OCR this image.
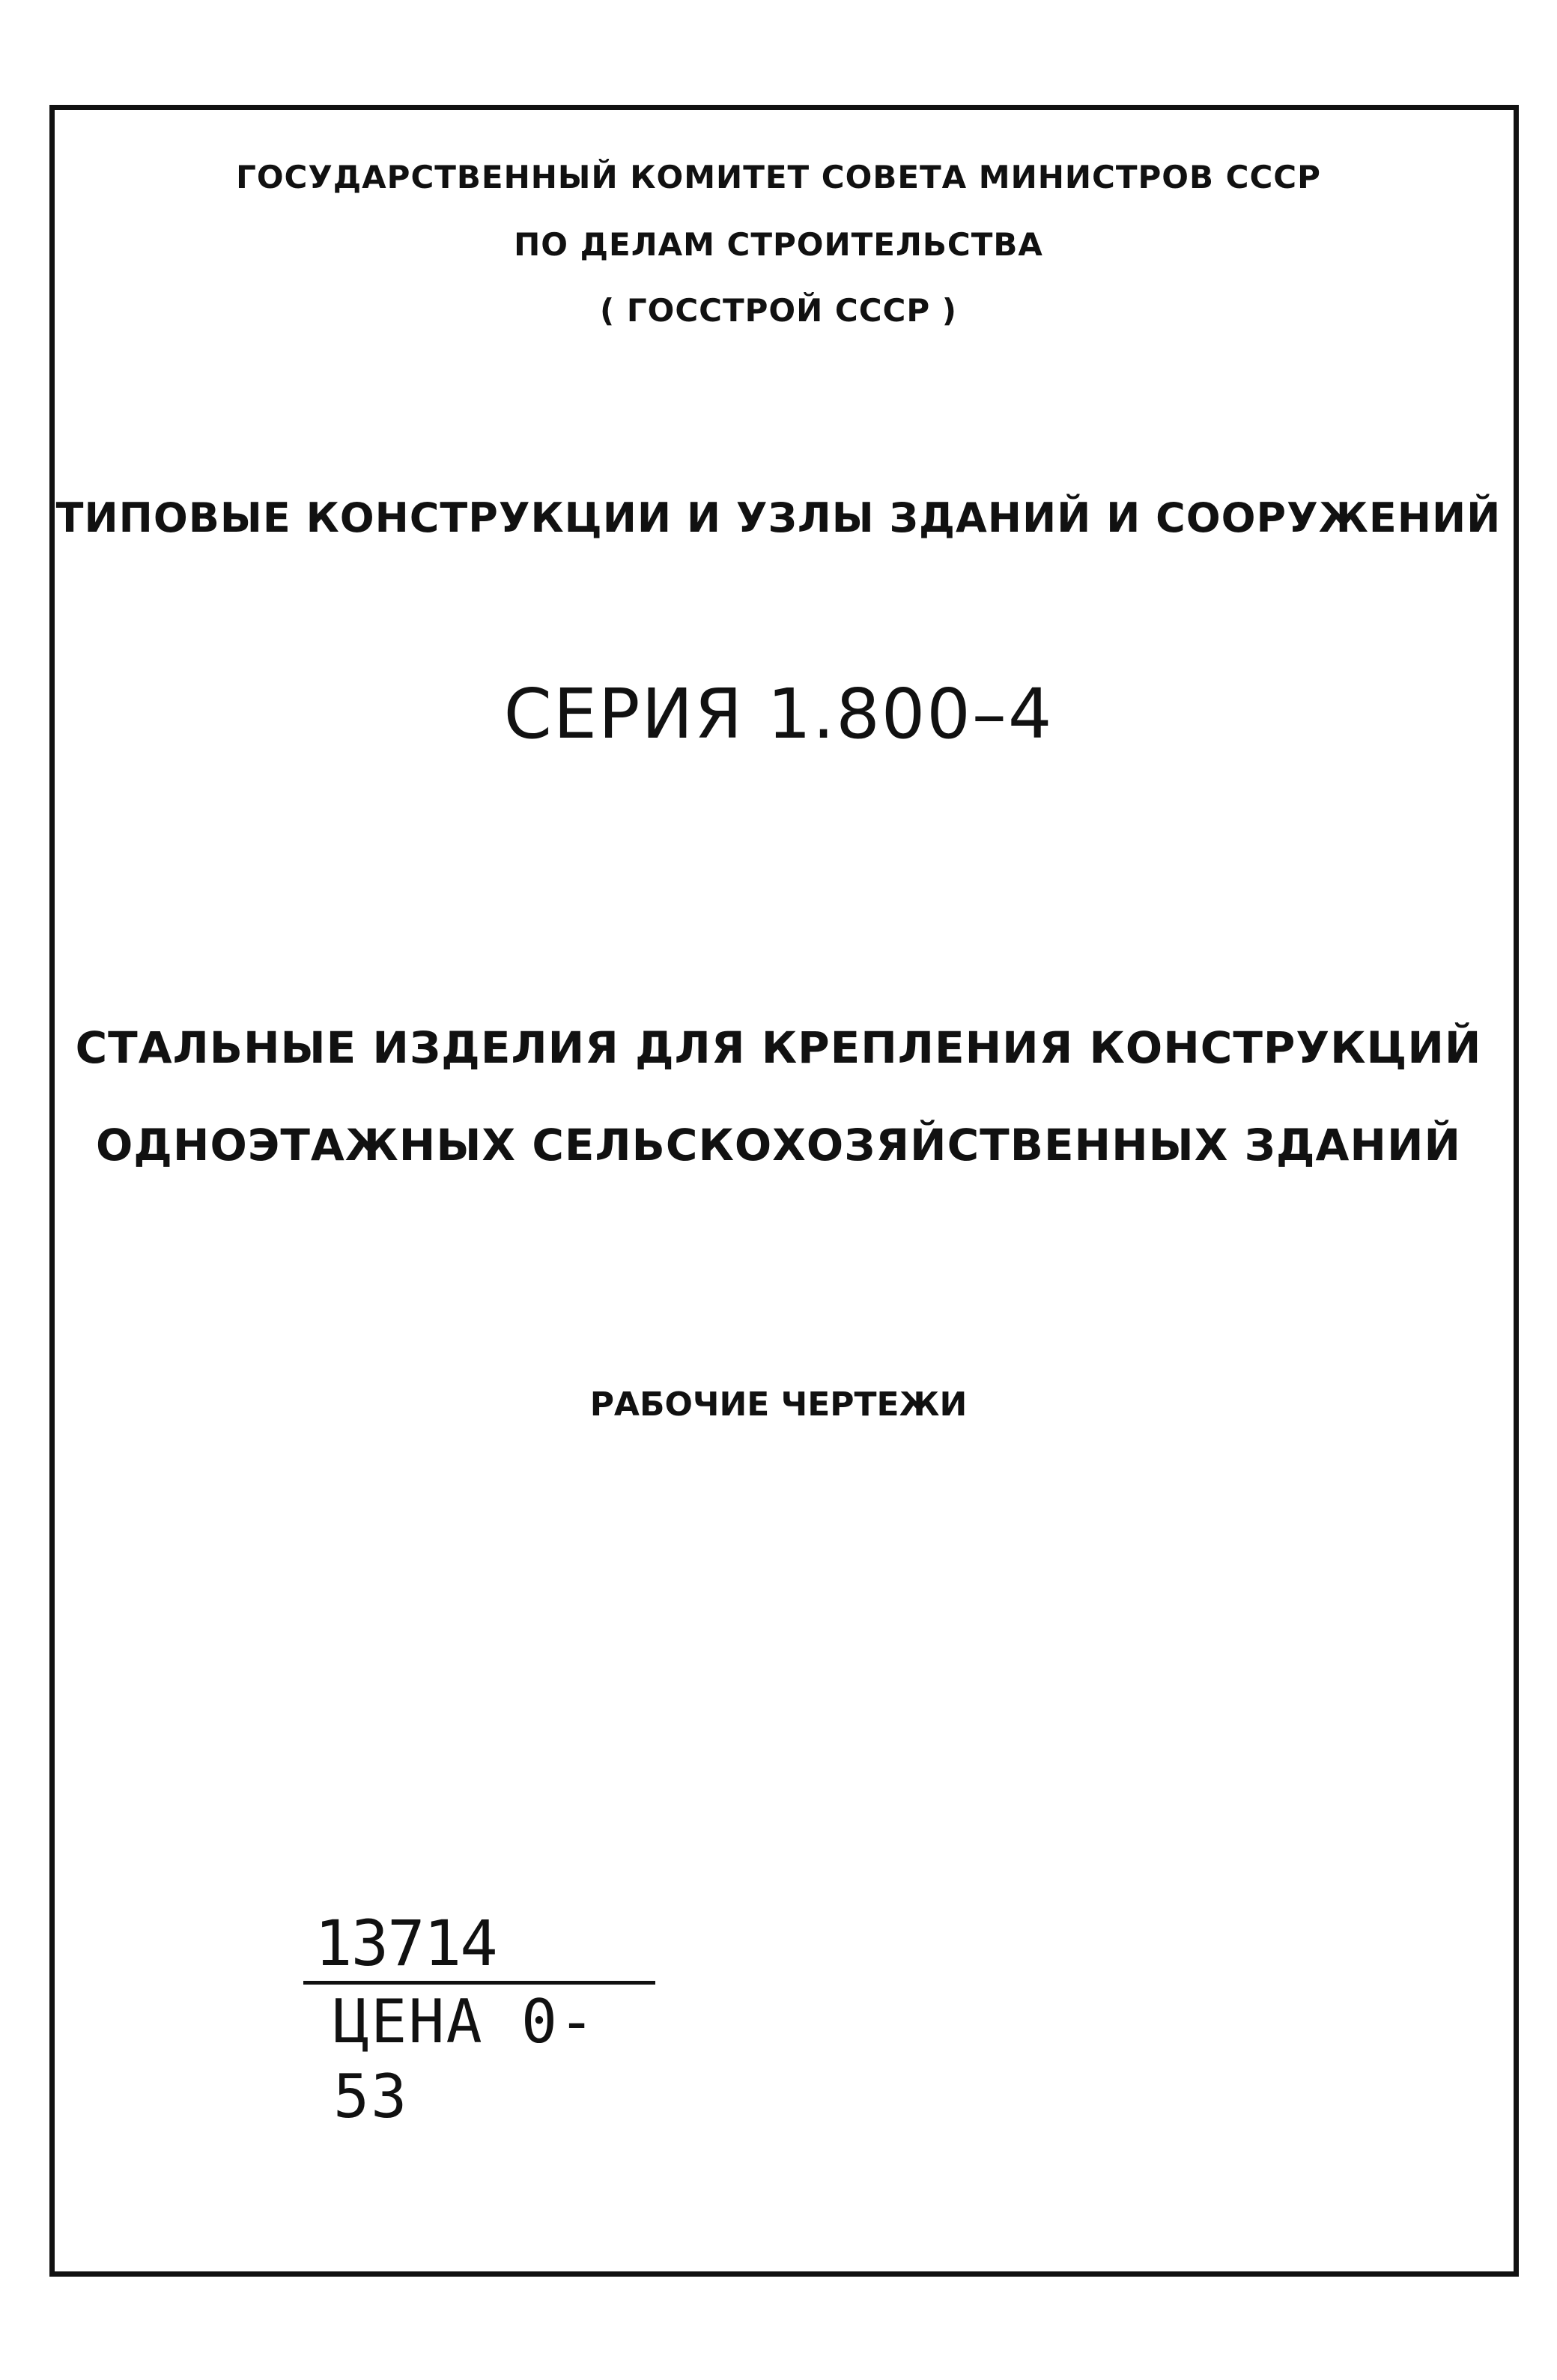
ГОСУДАРСТВЕННЫЙ КОМИТЕТ СОВЕТА МИНИСТРОВ СССР
ПО ДЕЛАМ СТРОИТЕЛЬСТВА
( ГОССТРОЙ СССР )
ТИПОВЫЕ КОНСТРУКЦИИ И УЗЛЫ ЗДАНИЙ И СООРУЖЕНИЙ
СЕРИЯ 1.800–4
СТАЛЬНЫЕ ИЗДЕЛИЯ ДЛЯ КРЕПЛЕНИЯ КОНСТРУКЦИЙ
ОДНОЭТАЖНЫХ СЕЛЬСКОХОЗЯЙСТВЕННЫХ ЗДАНИЙ
РАБОЧИЕ ЧЕРТЕЖИ
13714
ЦЕНА 0-53
